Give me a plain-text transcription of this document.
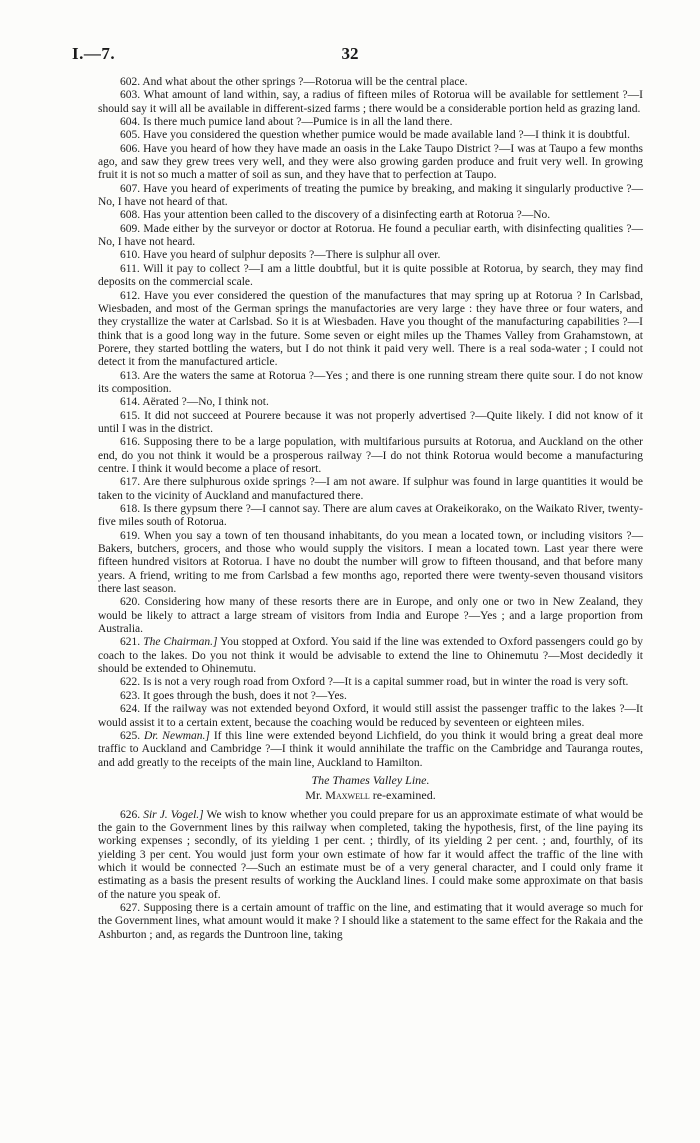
I.—7.	32

602. And what about the other springs ?—Rotorua will be the central place.

603. What amount of land within, say, a radius of fifteen miles of Rotorua will be available for settlement ?—I should say it will all be available in different-sized farms ; there would be a considerable portion held as grazing land.

604. Is there much pumice land about ?—Pumice is in all the land there.

605. Have you considered the question whether pumice would be made available land ?—I think it is doubtful.

606. Have you heard of how they have made an oasis in the Lake Taupo District ?—I was at Taupo a few months ago, and saw they grew trees very well, and they were also growing garden produce and fruit very well. In growing fruit it is not so much a matter of soil as sun, and they have that to perfection at Taupo.

607. Have you heard of experiments of treating the pumice by breaking, and making it singularly productive ?—No, I have not heard of that.

608. Has your attention been called to the discovery of a disinfecting earth at Rotorua ?—No.

609. Made either by the surveyor or doctor at Rotorua. He found a peculiar earth, with disinfecting qualities ?—No, I have not heard.

610. Have you heard of sulphur deposits ?—There is sulphur all over.

611. Will it pay to collect ?—I am a little doubtful, but it is quite possible at Rotorua, by search, they may find deposits on the commercial scale.

612. Have you ever considered the question of the manufactures that may spring up at Rotorua ? In Carlsbad, Wiesbaden, and most of the German springs the manufactories are very large : they have three or four waters, and they crystallize the water at Carlsbad. So it is at Wiesbaden. Have you thought of the manufacturing capabilities ?—I think that is a good long way in the future. Some seven or eight miles up the Thames Valley from Grahamstown, at Porere, they started bottling the waters, but I do not think it paid very well. There is a real soda-water ; I could not detect it from the manufactured article.

613. Are the waters the same at Rotorua ?—Yes ; and there is one running stream there quite sour. I do not know its composition.

614. Aërated ?—No, I think not.

615. It did not succeed at Pourere because it was not properly advertised ?—Quite likely. I did not know of it until I was in the district.

616. Supposing there to be a large population, with multifarious pursuits at Rotorua, and Auckland on the other end, do you not think it would be a prosperous railway ?—I do not think Rotorua would become a manufacturing centre. I think it would become a place of resort.

617. Are there sulphurous oxide springs ?—I am not aware. If sulphur was found in large quantities it would be taken to the vicinity of Auckland and manufactured there.

618. Is there gypsum there ?—I cannot say. There are alum caves at Orakeikorako, on the Waikato River, twenty-five miles south of Rotorua.

619. When you say a town of ten thousand inhabitants, do you mean a located town, or including visitors ?—Bakers, butchers, grocers, and those who would supply the visitors. I mean a located town. Last year there were fifteen hundred visitors at Rotorua. I have no doubt the number will grow to fifteen thousand, and that before many years. A friend, writing to me from Carlsbad a few months ago, reported there were twenty-seven thousand visitors there last season.

620. Considering how many of these resorts there are in Europe, and only one or two in New Zealand, they would be likely to attract a large stream of visitors from India and Europe ?—Yes ; and a large proportion from Australia.

621. The Chairman.] You stopped at Oxford. You said if the line was extended to Oxford passengers could go by coach to the lakes. Do you not think it would be advisable to extend the line to Ohinemutu ?—Most decidedly it should be extended to Ohinemutu.

622. Is is not a very rough road from Oxford ?—It is a capital summer road, but in winter the road is very soft.

623. It goes through the bush, does it not ?—Yes.

624. If the railway was not extended beyond Oxford, it would still assist the passenger traffic to the lakes ?—It would assist it to a certain extent, because the coaching would be reduced by seventeen or eighteen miles.

625. Dr. Newman.] If this line were extended beyond Lichfield, do you think it would bring a great deal more traffic to Auckland and Cambridge ?—I think it would annihilate the traffic on the Cambridge and Tauranga routes, and add greatly to the receipts of the main line, Auckland to Hamilton.

The Thames Valley Line.
Mr. Maxwell re-examined.

626. Sir J. Vogel.] We wish to know whether you could prepare for us an approximate estimate of what would be the gain to the Government lines by this railway when completed, taking the hypothesis, first, of the line paying its working expenses ; secondly, of its yielding 1 per cent. ; thirdly, of its yielding 2 per cent. ; and, fourthly, of its yielding 3 per cent. You would just form your own estimate of how far it would affect the traffic of the line with which it would be connected ?—Such an estimate must be of a very general character, and I could only frame it estimating as a basis the present results of working the Auckland lines. I could make some approximate on that basis of the nature you speak of.

627. Supposing there is a certain amount of traffic on the line, and estimating that it would average so much for the Government lines, what amount would it make ? I should like a statement to the same effect for the Rakaia and the Ashburton ; and, as regards the Duntroon line, taking
